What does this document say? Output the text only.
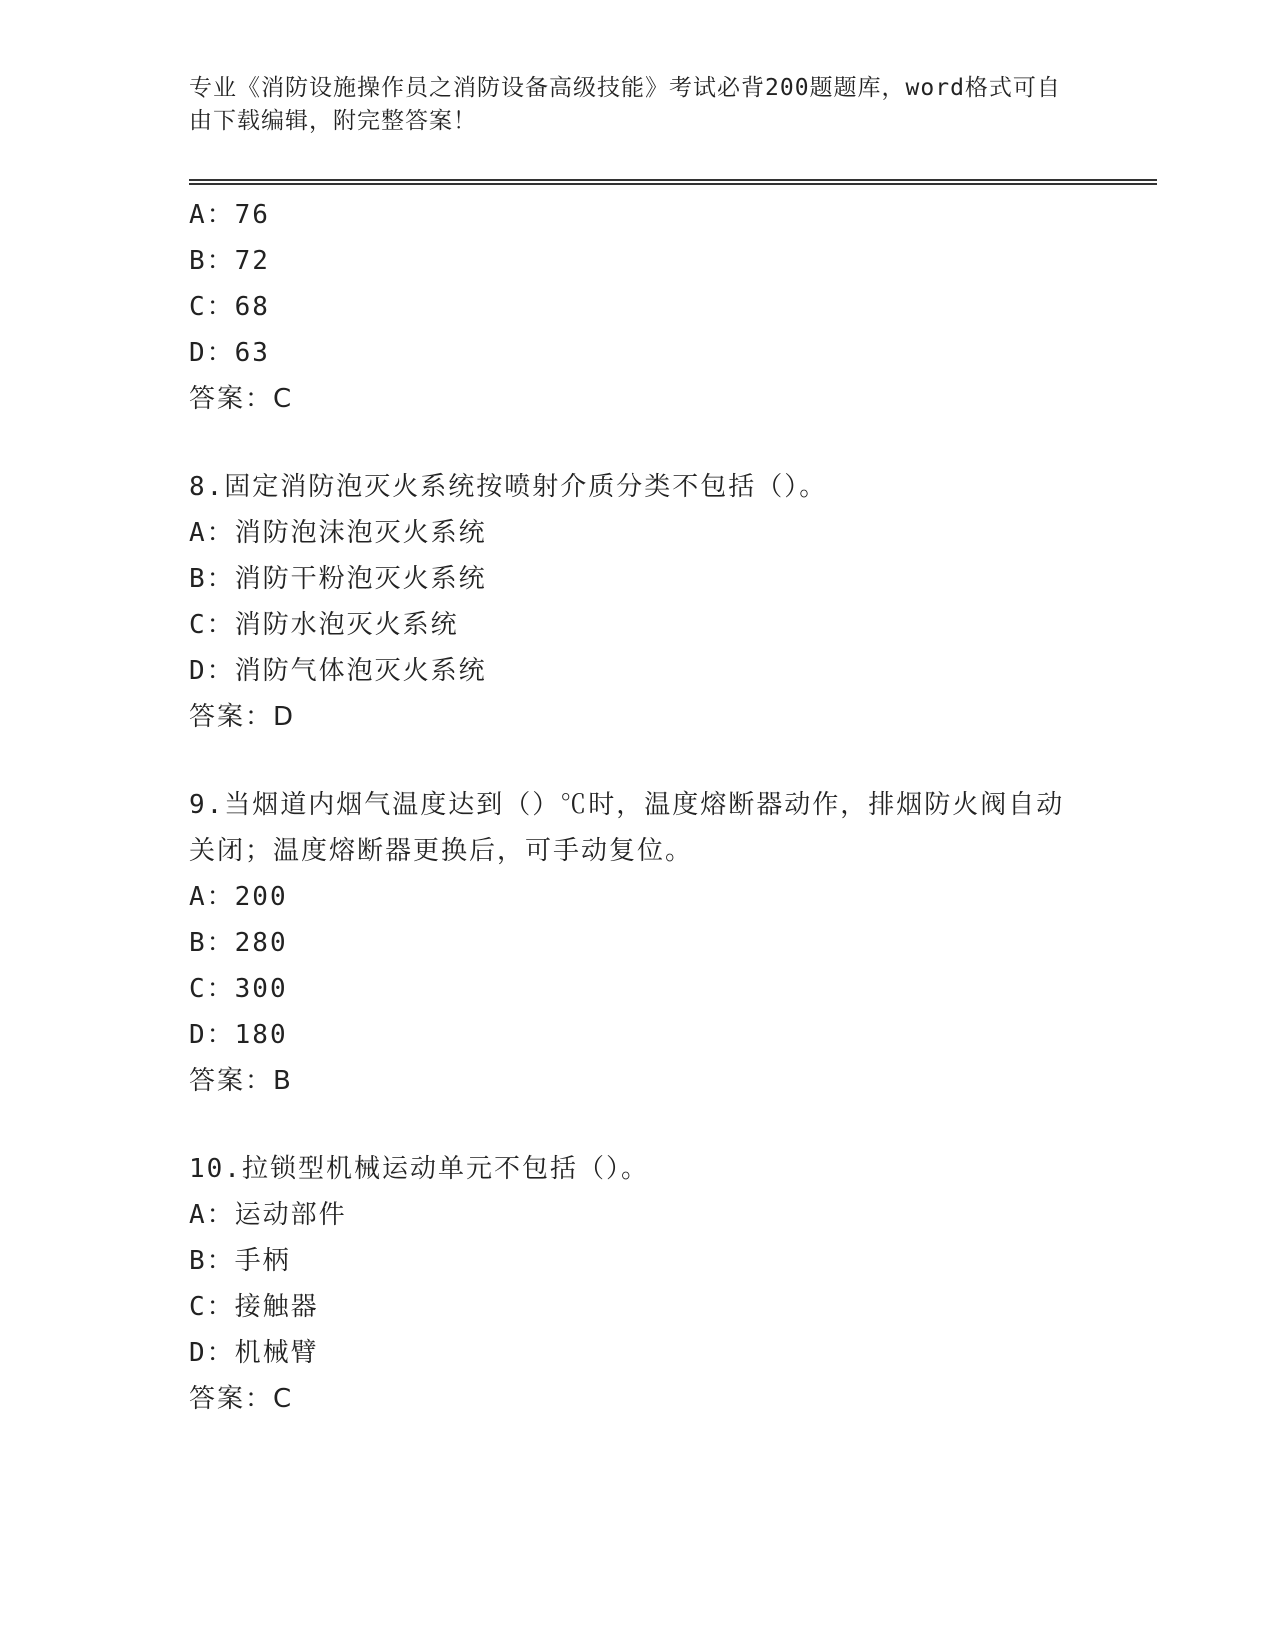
专业《消防设施操作员之消防设备高级技能》考试必背200题题库，word格式可自由下载编辑，附完整答案！
A：76
B：72
C：68
D：63
答案：C
8.固定消防泡灭火系统按喷射介质分类不包括（）。
A：消防泡沫泡灭火系统
B：消防干粉泡灭火系统
C：消防水泡灭火系统
D：消防气体泡灭火系统
答案：D
9.当烟道内烟气温度达到（）℃时，温度熔断器动作，排烟防火阀自动关闭；温度熔断器更换后，可手动复位。
A：200
B：280
C：300
D：180
答案：B
10.拉锁型机械运动单元不包括（）。
A：运动部件
B：手柄
C：接触器
D：机械臂
答案：C
